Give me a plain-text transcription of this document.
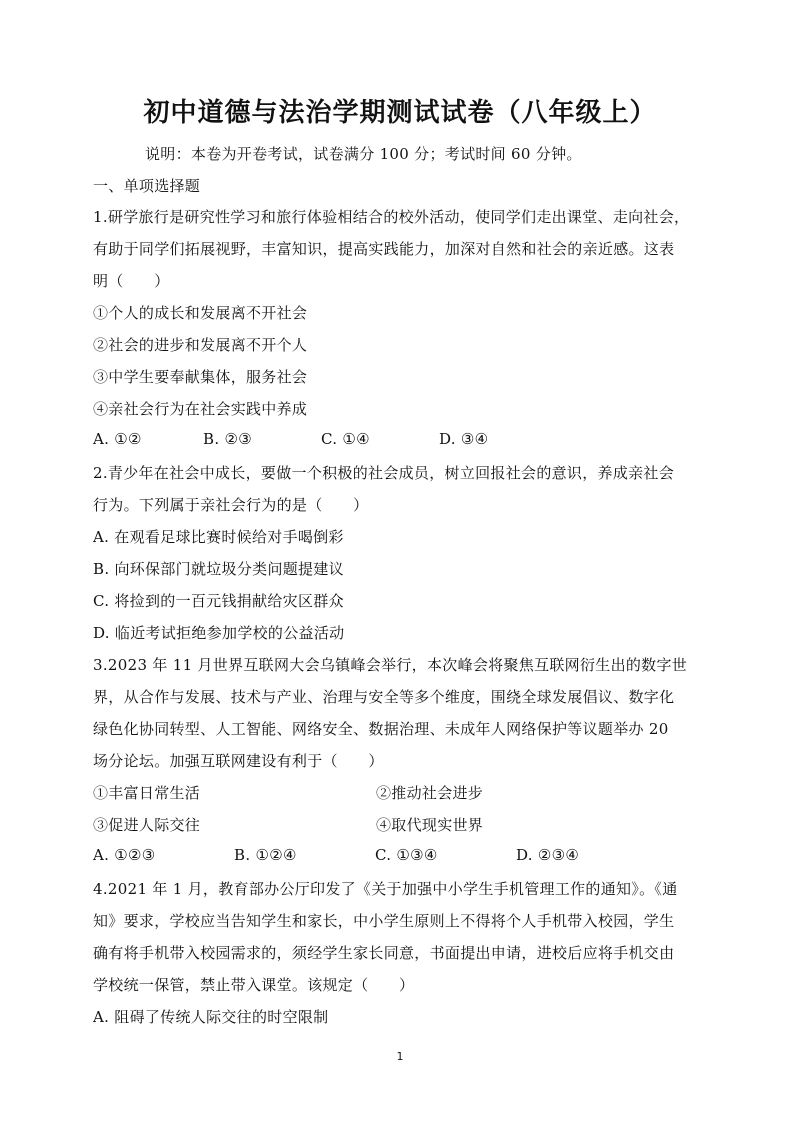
初中道德与法治学期测试试卷（八年级上）
说明：本卷为开卷考试，试卷满分 100 分；考试时间 60 分钟。
一、单项选择题
1.研学旅行是研究性学习和旅行体验相结合的校外活动，使同学们走出课堂、走向社会，
有助于同学们拓展视野，丰富知识，提高实践能力，加深对自然和社会的亲近感。这表
明（　　）
①个人的成长和发展离不开社会
②社会的进步和发展离不开个人
③中学生要奉献集体，服务社会
④亲社会行为在社会实践中养成
A. ①②	B. ②③	C. ①④	D. ③④
2.青少年在社会中成长，要做一个积极的社会成员，树立回报社会的意识，养成亲社会
行为。下列属于亲社会行为的是（　　）
A. 在观看足球比赛时候给对手喝倒彩
B. 向环保部门就垃圾分类问题提建议
C. 将捡到的一百元钱捐献给灾区群众
D. 临近考试拒绝参加学校的公益活动
3.2023 年 11 月世界互联网大会乌镇峰会举行，本次峰会将聚焦互联网衍生出的数字世
界，从合作与发展、技术与产业、治理与安全等多个维度，围绕全球发展倡议、数字化
绿色化协同转型、人工智能、网络安全、数据治理、未成年人网络保护等议题举办 20
场分论坛。加强互联网建设有利于（　　）
①丰富日常生活	②推动社会进步
③促进人际交往	④取代现实世界
A. ①②③	B. ①②④	C. ①③④	D. ②③④
4.2021 年 1 月，教育部办公厅印发了《关于加强中小学生手机管理工作的通知》。《通
知》要求，学校应当告知学生和家长，中小学生原则上不得将个人手机带入校园，学生
确有将手机带入校园需求的，须经学生家长同意，书面提出申请，进校后应将手机交由
学校统一保管，禁止带入课堂。该规定（　　）
A. 阻碍了传统人际交往的时空限制
1
